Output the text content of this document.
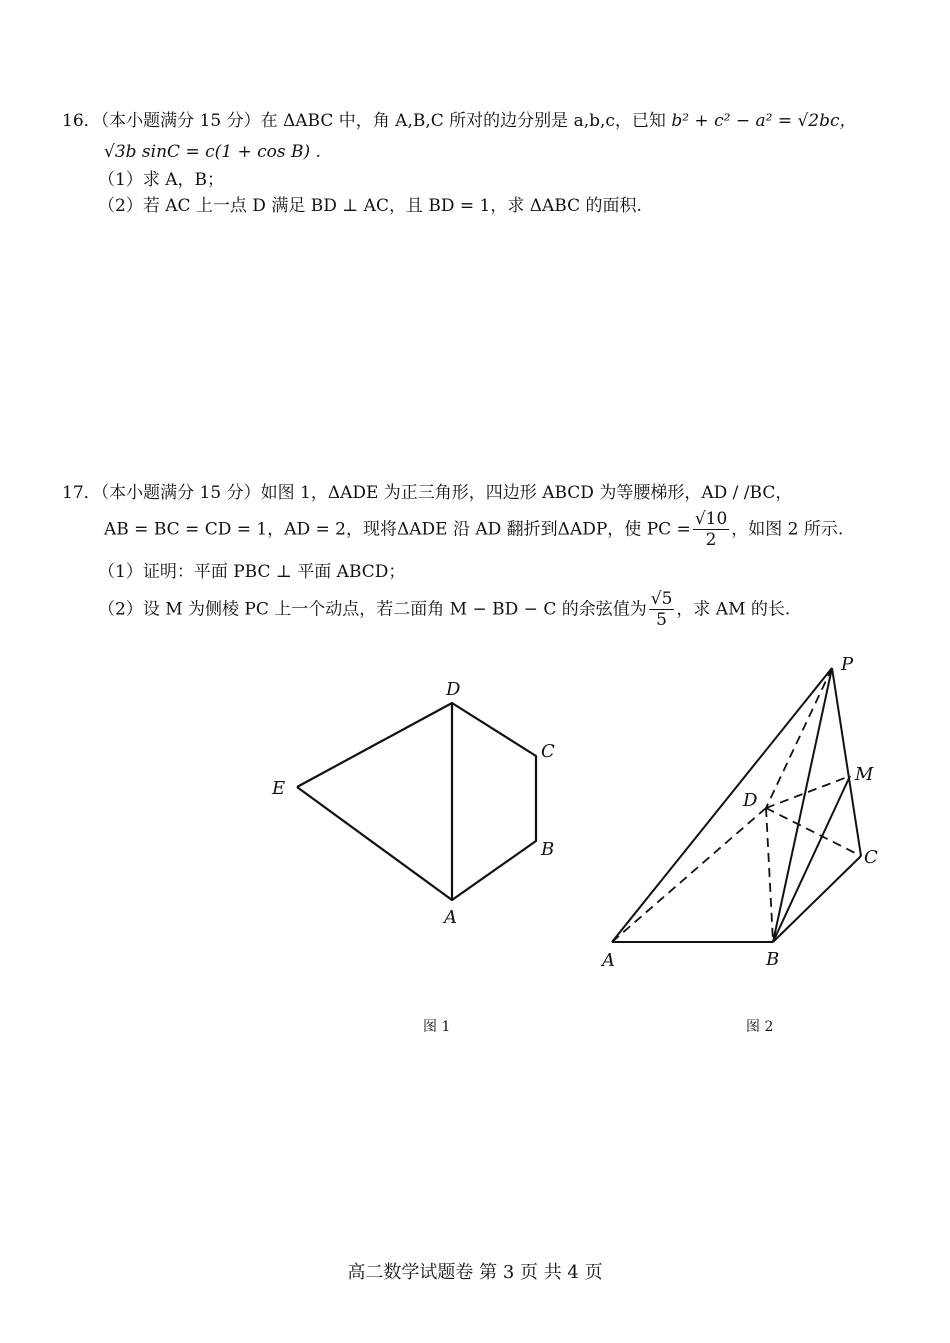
16．（本小题满分 15 分）在 ΔABC 中，角 A,B,C 所对的边分别是 a,b,c，已知 b² + c² − a² = √2bc，
√3b sinC = c(1 + cos B) .
（1）求 A，B；
（2）若 AC 上一点 D 满足 BD ⊥ AC，且 BD = 1，求 ΔABC 的面积.
17．（本小题满分 15 分）如图 1，ΔADE 为正三角形，四边形 ABCD 为等腰梯形，AD / /BC，
AB = BC = CD = 1，AD = 2，现将ΔADE 沿 AD 翻折到ΔADP，使 PC = $\frac{√10}{2}$ ，如图 2 所示.
（1）证明：平面 PBC ⊥ 平面 ABCD；
（2）设 M 为侧棱 PC 上一个动点，若二面角 M − BD − C 的余弦值为 $\frac{√5}{5}$ ，求 AM 的长.
D
C
E
B
A
P
M
D
C
A	B
图 1	图 2
高二数学试题卷 第 3 页 共 4 页
